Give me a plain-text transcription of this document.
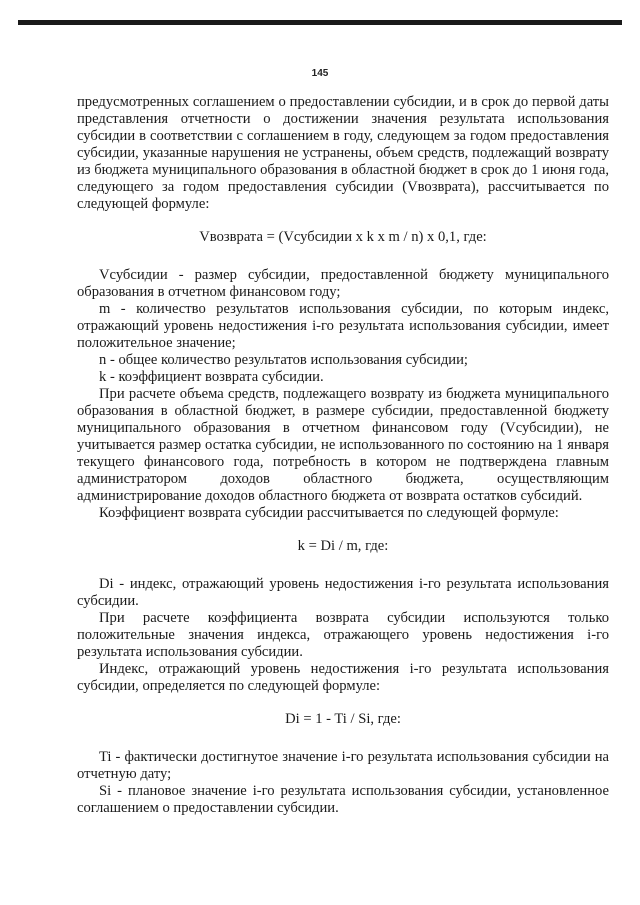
145

предусмотренных соглашением о предоставлении субсидии, и в срок до первой даты представления отчетности о достижении значения результата использования субсидии в соответствии с соглашением в году, следующем за годом предоставления субсидии, указанные нарушения не устранены, объем средств, подлежащий возврату из бюджета муниципального образования в областной бюджет в срок до 1 июня года, следующего за годом предоставления субсидии (Vвозврата), рассчитывается по следующей формуле:

Vвозврата = (Vсубсидии x k x m / n) x 0,1, где:

Vсубсидии - размер субсидии, предоставленной бюджету муниципального образования в отчетном финансовом году;

m - количество результатов использования субсидии, по которым индекс, отражающий уровень недостижения i-го результата использования субсидии, имеет положительное значение;

n - общее количество результатов использования субсидии;

k - коэффициент возврата субсидии.

При расчете объема средств, подлежащего возврату из бюджета муниципального образования в областной бюджет, в размере субсидии, предоставленной бюджету муниципального образования в отчетном финансовом году (Vсубсидии), не учитывается размер остатка субсидии, не использованного по состоянию на 1 января текущего финансового года, потребность в котором не подтверждена главным администратором доходов областного бюджета, осуществляющим администрирование доходов областного бюджета от возврата остатков субсидий.

Коэффициент возврата субсидии рассчитывается по следующей формуле:

k = Di / m, где:

Di - индекс, отражающий уровень недостижения i-го результата использования субсидии.

При расчете коэффициента возврата субсидии используются только положительные значения индекса, отражающего уровень недостижения i-го результата использования субсидии.

Индекс, отражающий уровень недостижения i-го результата использования субсидии, определяется по следующей формуле:

Di = 1 - Ti / Si, где:

Ti - фактически достигнутое значение i-го результата использования субсидии на отчетную дату;

Si - плановое значение i-го результата использования субсидии, установленное соглашением о предоставлении субсидии.
